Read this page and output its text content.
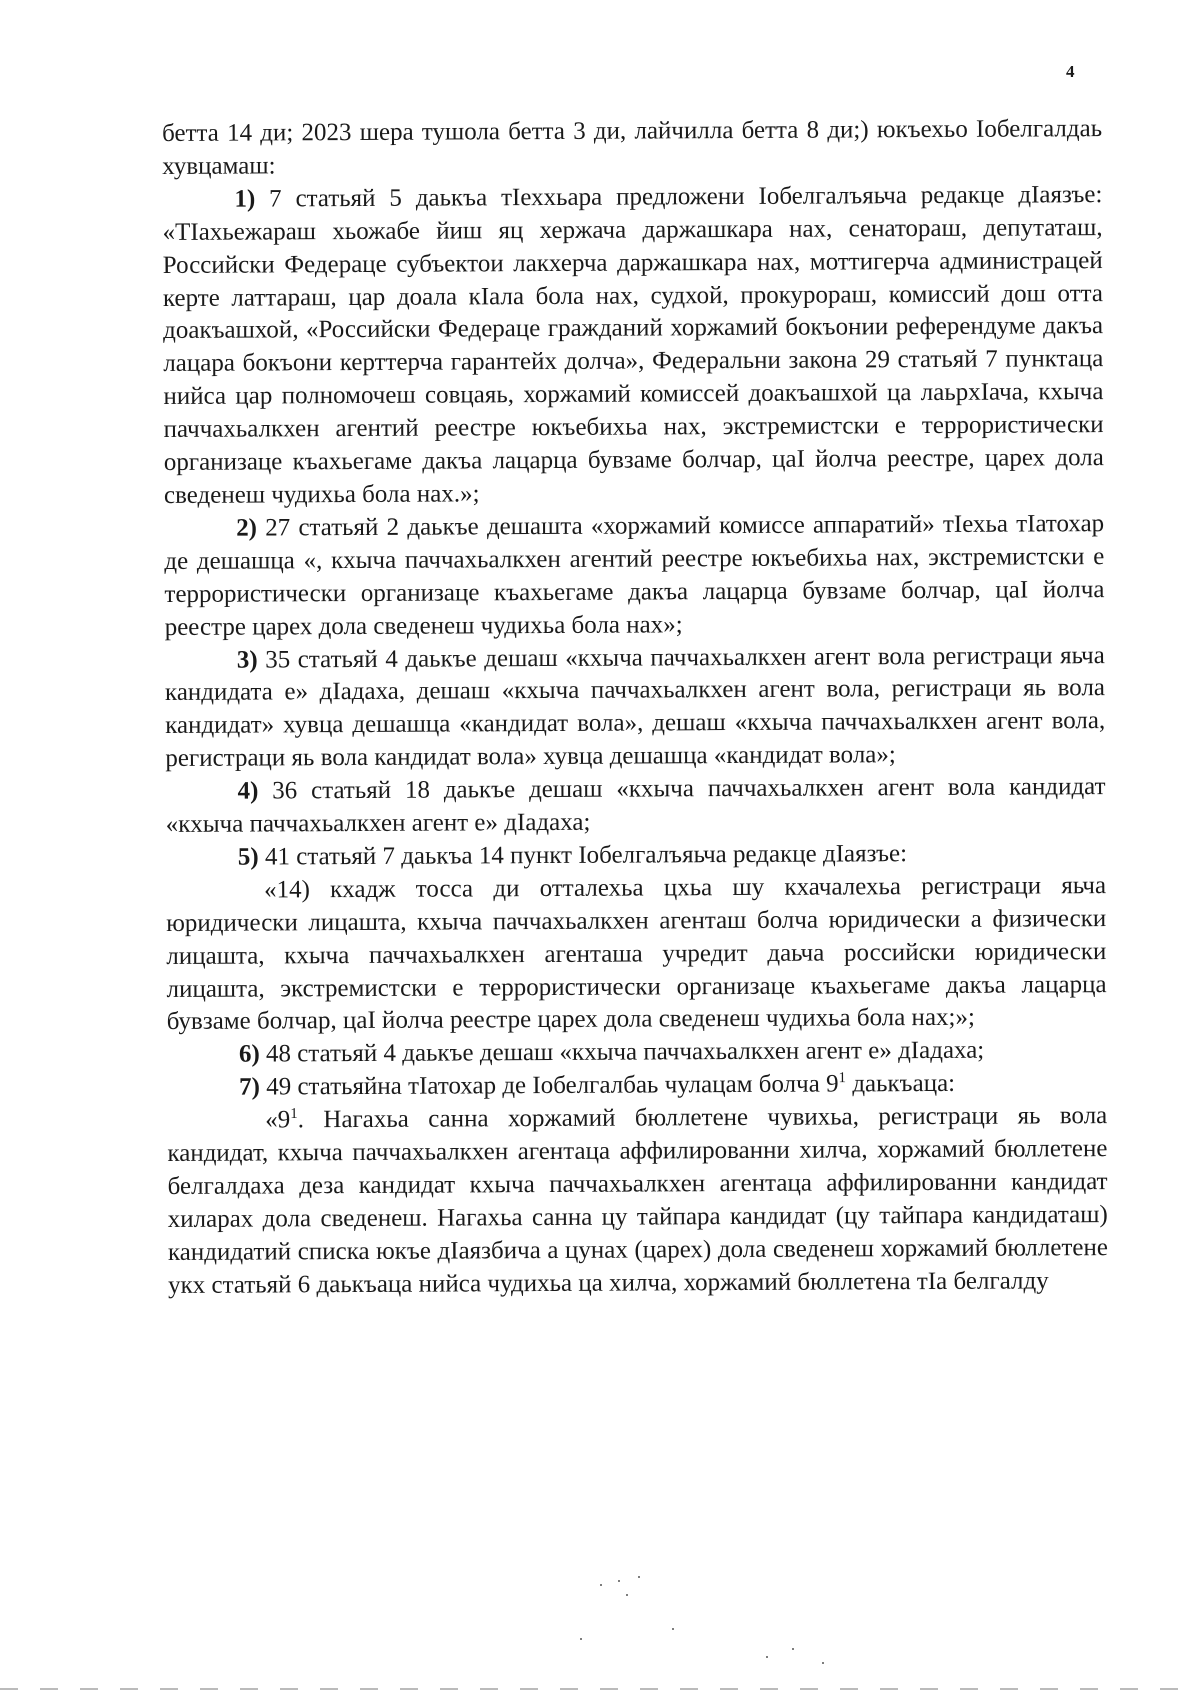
4

бетта 14 ди; 2023 шера тушола бетта 3 ди, лайчилла бетта 8 ди;) юкъехьо Іобелгалдаь хувцамаш:

1) 7 статьяй 5 даькъа тІеххьара предложени Іобелгалъяьча редакце дІаязъе: «ТІахьежараш хьожабе йиш яц хержача даржашкара нах, сенатораш, депутаташ, Российски Федераце субъектои лакхерча даржашкара нах, моттигерча администрацей керте латтараш, цар доала кІала бола нах, судхой, прокурораш, комиссий дош отта доакъашхой, «Российски Федераце гражданий хоржамий бокъонии референдуме дакъа лацара бокъони керттерча гарантейх долча», Федеральни закона 29 статьяй 7 пунктаца нийса цар полномочеш совцаяь, хоржамий комиссей доакъашхой ца лаьрхІача, кхыча паччахьалкхен агентий реестре юкъебихьа нах, экстремистски е террористически организаце къахьегаме дакъа лацарца бувзаме болчар, цаІ йолча реестре, царех дола сведенеш чудихьа бола нах.»;

2) 27 статьяй 2 даькъе дешашта «хоржамий комиссе аппаратий» тІехьа тІатохар де дешашца «, кхыча паччахьалкхен агентий реестре юкъебихьа нах, экстремистски е террористически организаце къахьегаме дакъа лацарца бувзаме болчар, цаІ йолча реестре царех дола сведенеш чудихьа бола нах»;

3) 35 статьяй 4 даькъе дешаш «кхыча паччахьалкхен агент вола регистраци яьча кандидата е» дІадаха, дешаш «кхыча паччахьалкхен агент вола, регистраци яь вола кандидат» хувца дешашца «кандидат вола», дешаш «кхыча паччахьалкхен агент вола, регистраци яь вола кандидат вола» хувца дешашца «кандидат вола»;

4) 36 статьяй 18 даькъе дешаш «кхыча паччахьалкхен агент вола кандидат «кхыча паччахьалкхен агент е» дІадаха;

5) 41 статьяй 7 даькъа 14 пункт Іобелгалъяьча редакце дІаязъе:

«14) кхадж тосса ди отталехьа цхьа шу кхачалехьа регистраци яьча юридически лицашта, кхыча паччахьалкхен агенташ болча юридически а физически лицашта, кхыча паччахьалкхен агенташа учредит даьча российски юридически лицашта, экстремистски е террористически организаце къахьегаме дакъа лацарца бувзаме болчар, цаІ йолча реестре царех дола сведенеш чудихьа бола нах;»;

6) 48 статьяй 4 даькъе дешаш «кхыча паччахьалкхен агент е» дІадаха;

7) 49 статьяйна тІатохар де Іобелгалбаь чулацам болча $9^1$ даькъаца:

«$9^1$. Нагахьа санна хоржамий бюллетене чувихьа, регистраци яь вола кандидат, кхыча паччахьалкхен агентаца аффилированни хилча, хоржамий бюллетене белгалдаха деза кандидат кхыча паччахьалкхен агентаца аффилированни кандидат хиларах дола сведенеш. Нагахьа санна цу тайпара кандидат (цу тайпара кандидаташ) кандидатий списка юкъе дІаязбича а цунах (царех) дола сведенеш хоржамий бюллетене укх статьяй 6 даькъаца нийса чудихьа ца хилча, хоржамий бюллетена тІа белгалду
